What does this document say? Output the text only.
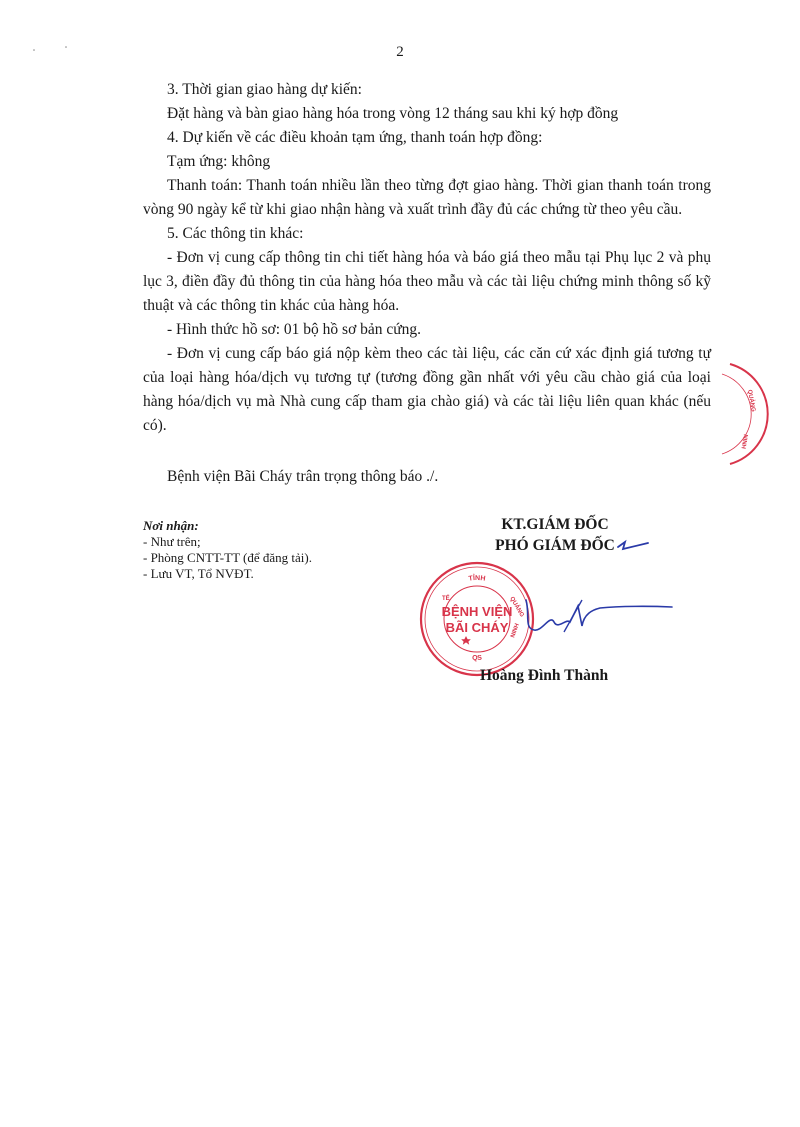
2

3. Thời gian giao hàng dự kiến:

Đặt hàng và bàn giao hàng hóa trong vòng 12 tháng sau khi ký hợp đồng

4. Dự kiến về các điều khoản tạm ứng, thanh toán hợp đồng:

Tạm ứng: không

Thanh toán: Thanh toán nhiều lần theo từng đợt giao hàng. Thời gian thanh toán trong vòng 90 ngày kể từ khi giao nhận hàng và xuất trình đầy đủ các chứng từ theo yêu cầu.

5. Các thông tin khác:

- Đơn vị cung cấp thông tin chi tiết hàng hóa và báo giá theo mẫu tại Phụ lục 2 và phụ lục 3, điền đầy đủ thông tin của hàng hóa theo mẫu và các tài liệu chứng minh thông số kỹ thuật và các thông tin khác của hàng hóa.

- Hình thức hồ sơ: 01 bộ hồ sơ bản cứng.

- Đơn vị cung cấp báo giá nộp kèm theo các tài liệu, các căn cứ xác định giá tương tự của loại hàng hóa/dịch vụ tương tự (tương đồng gần nhất với yêu cầu chào giá của loại hàng hóa/dịch vụ mà Nhà cung cấp tham gia chào giá) và các tài liệu liên quan khác (nếu có).

Bệnh viện Bãi Cháy trân trọng thông báo ./.
Nơi nhận:
- Như trên;
- Phòng CNTT-TT (để đăng tải).
- Lưu VT, Tổ NVĐT.
KT.GIÁM ĐỐC
PHÓ GIÁM ĐỐC
TỈNH
QS
TẾ	QUẢNG
NINH
BỆNH VIỆN
BÃI CHÁY
Hoàng Đình Thành
QUẢNG
NINH
